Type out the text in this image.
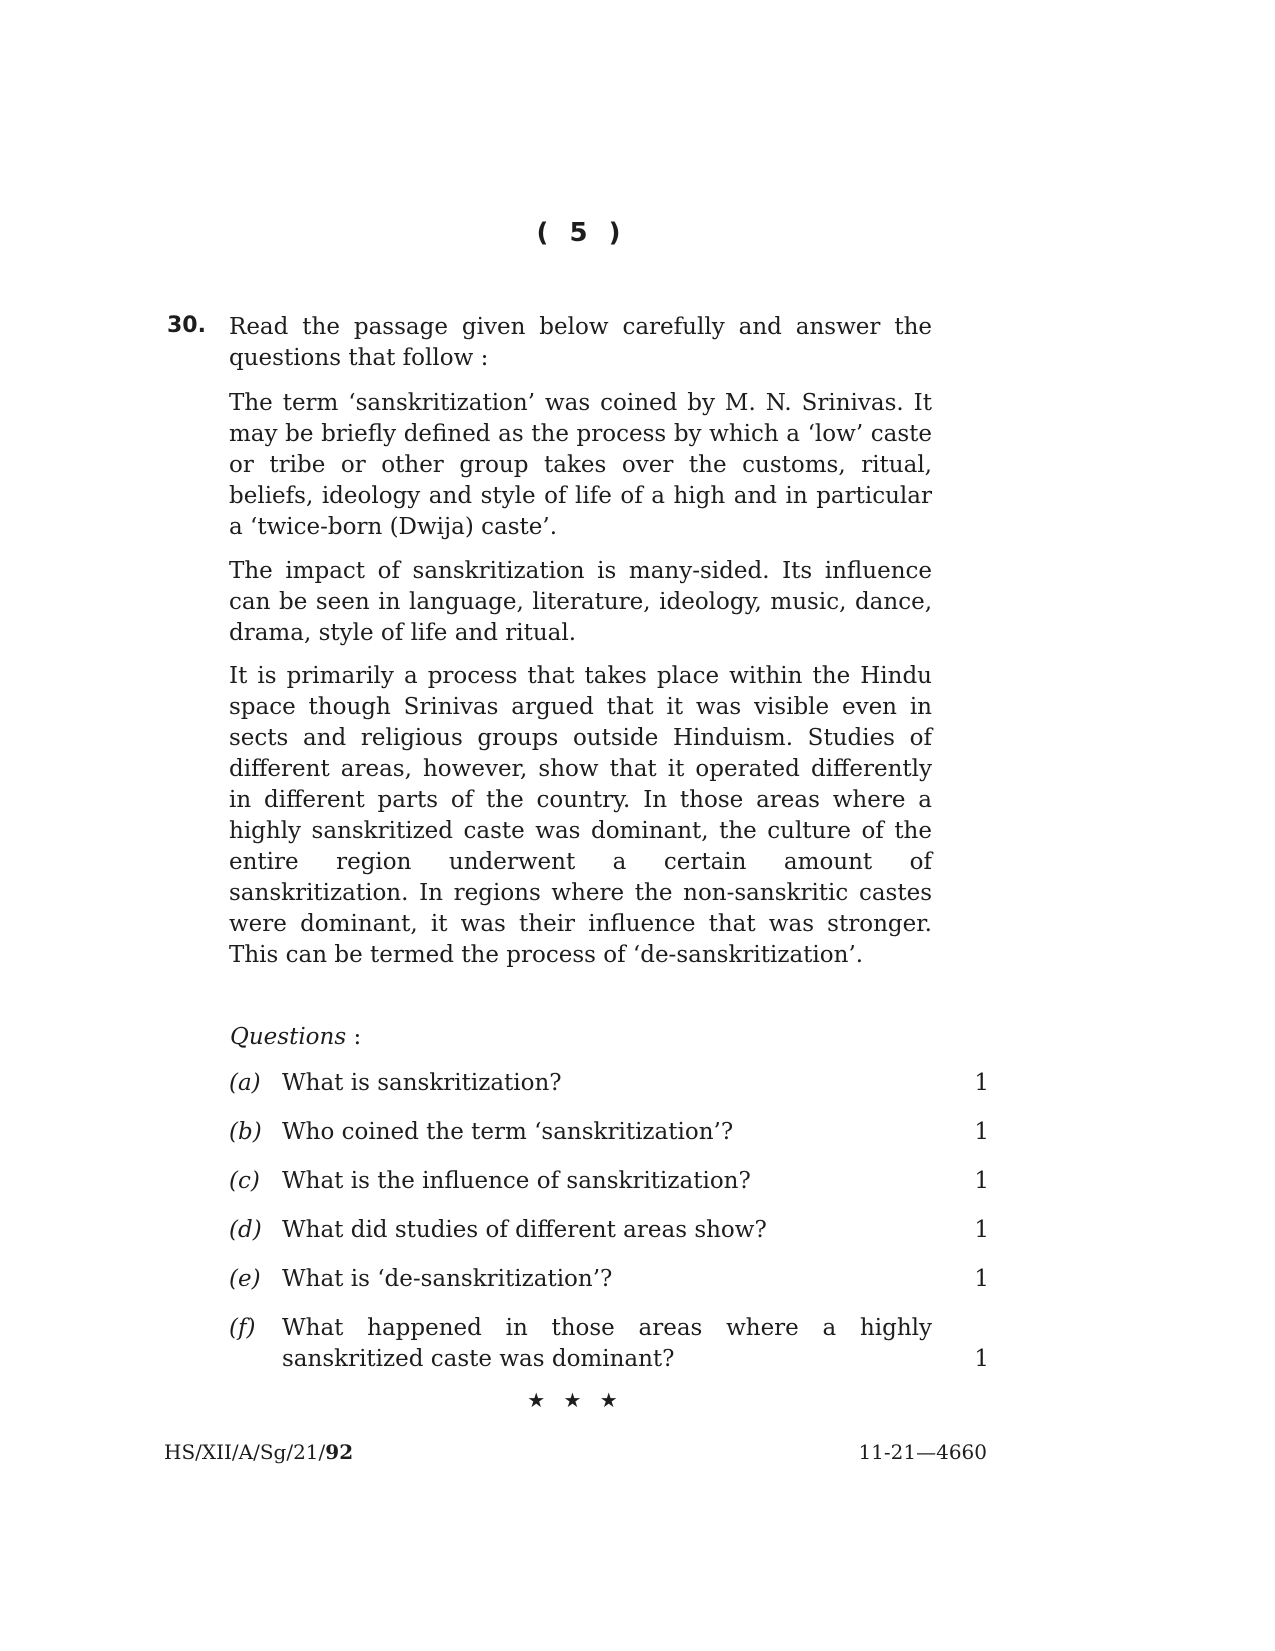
( 5 )
30. Read the passage given below carefully and answer the questions that follow :
The term ‘sanskritization’ was coined by M. N. Srinivas. It may be briefly defined as the process by which a ‘low’ caste or tribe or other group takes over the customs, ritual, beliefs, ideology and style of life of a high and in particular a ‘twice-born (Dwija) caste’.
The impact of sanskritization is many-sided. Its influence can be seen in language, literature, ideology, music, dance, drama, style of life and ritual.
It is primarily a process that takes place within the Hindu space though Srinivas argued that it was visible even in sects and religious groups outside Hinduism. Studies of different areas, however, show that it operated differently in different parts of the country. In those areas where a highly sanskritized caste was dominant, the culture of the entire region underwent a certain amount of sanskritization. In regions where the non-sanskritic castes were dominant, it was their influence that was stronger. This can be termed the process of ‘de-sanskritization’.
Questions :
(a) What is sanskritization?	1
(b) Who coined the term ‘sanskritization’?	1
(c) What is the influence of sanskritization?	1
(d) What did studies of different areas show?	1
(e) What is ‘de-sanskritization’?	1
(f) What happened in those areas where a highly sanskritized caste was dominant?	1
★ ★ ★
HS/XII/A/Sg/21/92	11-21—4660
